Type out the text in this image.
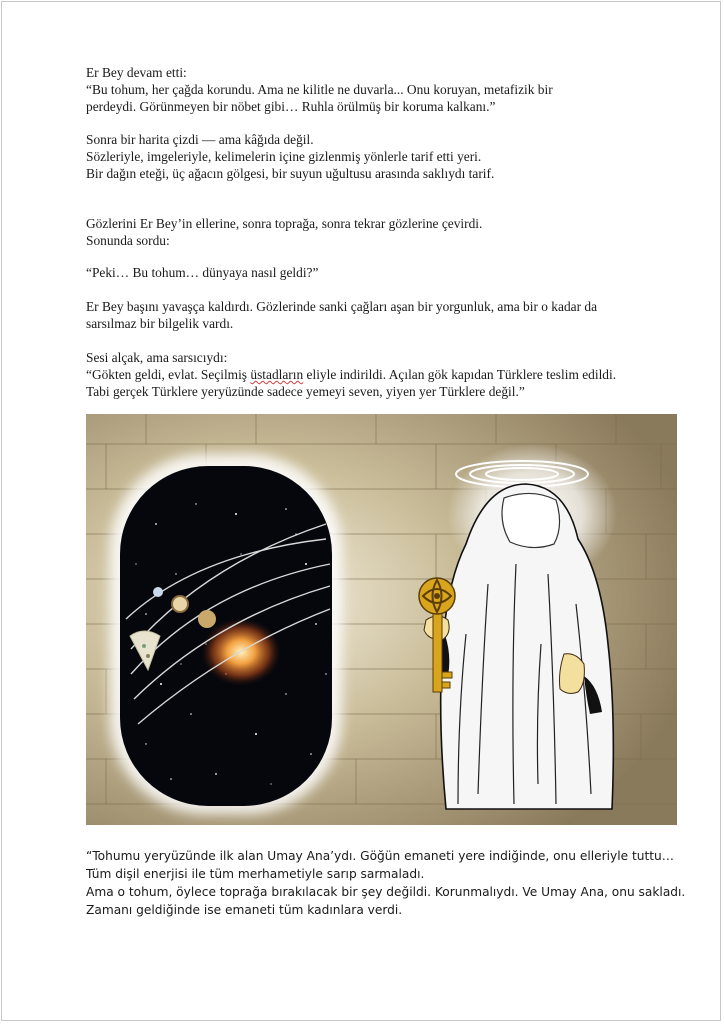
Er Bey devam etti:

“Bu tohum, her çağda korundu. Ama ne kilitle ne duvarla... Onu koruyan, metafizik bir

perdeydi. Görünmeyen bir nöbet gibi… Ruhla örülmüş bir koruma kalkanı.”

Sonra bir harita çizdi — ama kâğıda değil.

Sözleriyle, imgeleriyle, kelimelerin içine gizlenmiş yönlerle tarif etti yeri.

Bir dağın eteği, üç ağacın gölgesi, bir suyun uğultusu arasında saklıydı tarif.

Gözlerini Er Bey’in ellerine, sonra toprağa, sonra tekrar gözlerine çevirdi.

Sonunda sordu:

“Peki… Bu tohum… dünyaya nasıl geldi?”

Er Bey başını yavaşça kaldırdı. Gözlerinde sanki çağları aşan bir yorgunluk, ama bir o kadar da

sarsılmaz bir bilgelik vardı.

Sesi alçak, ama sarsıcıydı:

“Gökten geldi, evlat. Seçilmiş üstadların eliyle indirildi. Açılan gök kapıdan Türklere teslim edildi.

Tabi gerçek Türklere yeryüzünde sadece yemeyi seven, yiyen yer Türklere değil.”

“Tohumu yeryüzünde ilk alan Umay Ana’ydı. Göğün emaneti yere indiğinde, onu elleriyle tuttu…

Tüm dişil enerjisi ile tüm merhametiyle sarıp sarmaladı.

Ama o tohum, öylece toprağa bırakılacak bir şey değildi. Korunmalıydı. Ve Umay Ana, onu sakladı.

Zamanı geldiğinde ise emaneti tüm kadınlara verdi.
